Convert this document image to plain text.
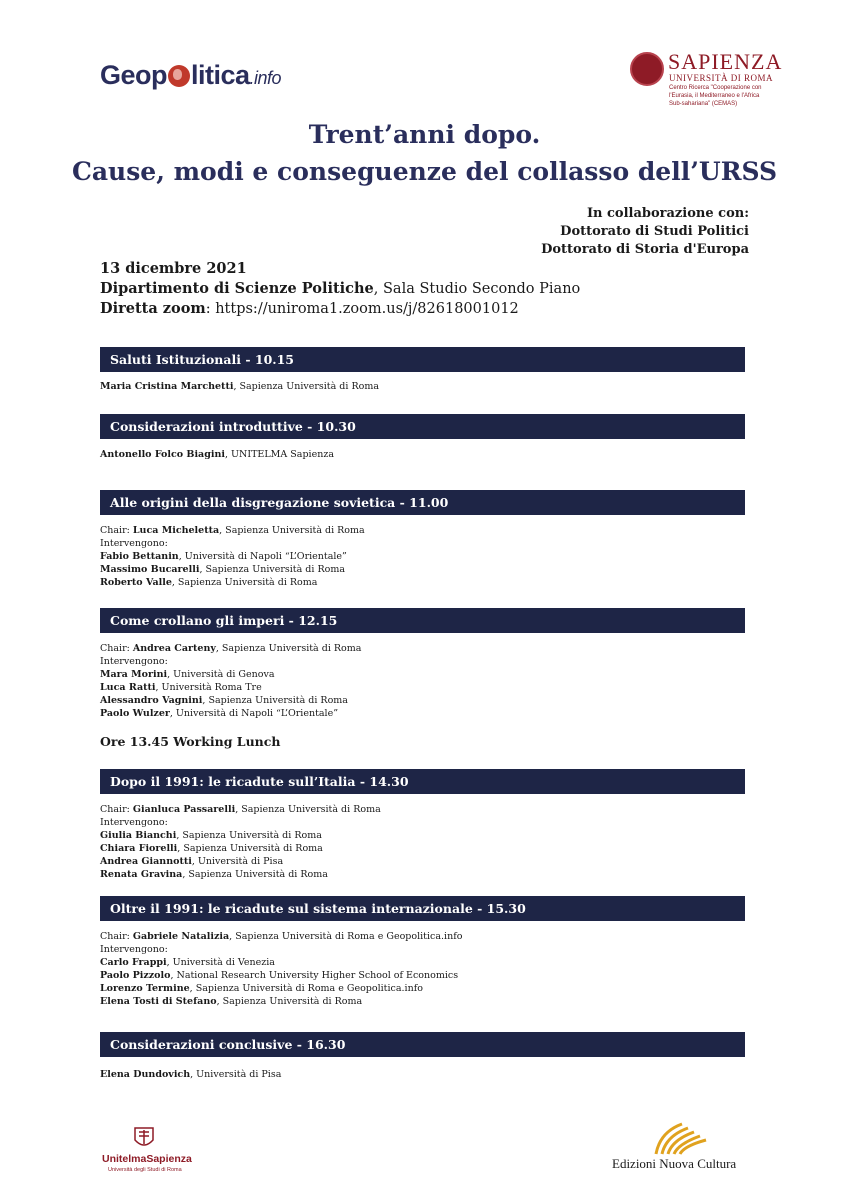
Geop litica.info
SAPIENZA
UNIVERSITÀ DI ROMA
Centro Ricerca "Cooperazione con l'Eurasia, il Mediterraneo e l'Africa Sub-sahariana" (CEMAS)
Trent’anni dopo.
Cause, modi e conseguenze del collasso dell’URSS
In collaborazione con:
Dottorato di Studi Politici
Dottorato di Storia d'Europa
13 dicembre 2021
Dipartimento di Scienze Politiche, Sala Studio Secondo Piano
Diretta zoom: https://uniroma1.zoom.us/j/82618001012
Saluti Istituzionali - 10.15
Maria Cristina Marchetti, Sapienza Università di Roma
Considerazioni introduttive - 10.30
Antonello Folco Biagini, UNITELMA Sapienza
Alle origini della disgregazione sovietica - 11.00
Chair: Luca Micheletta, Sapienza Università di Roma
Intervengono:
Fabio Bettanin, Università di Napoli “L’Orientale”
Massimo Bucarelli, Sapienza Università di Roma
Roberto Valle, Sapienza Università di Roma
Come crollano gli imperi - 12.15
Chair: Andrea Carteny, Sapienza Università di Roma
Intervengono:
Mara Morini, Università di Genova
Luca Ratti, Università Roma Tre
Alessandro Vagnini, Sapienza Università di Roma
Paolo Wulzer, Università di Napoli “L’Orientale”
Ore 13.45 Working Lunch
Dopo il 1991: le ricadute sull’Italia - 14.30
Chair: Gianluca Passarelli, Sapienza Università di Roma
Intervengono:
Giulia Bianchi, Sapienza Università di Roma
Chiara Fiorelli, Sapienza Università di Roma
Andrea Giannotti, Università di Pisa
Renata Gravina, Sapienza Università di Roma
Oltre il 1991: le ricadute sul sistema internazionale - 15.30
Chair: Gabriele Natalizia, Sapienza Università di Roma e Geopolitica.info
Intervengono:
Carlo Frappi, Università di Venezia
Paolo Pizzolo, National Research University Higher School of Economics
Lorenzo Termine, Sapienza Università di Roma e Geopolitica.info
Elena Tosti di Stefano, Sapienza Università di Roma
Considerazioni conclusive - 16.30
Elena Dundovich, Università di Pisa
UnitelmaSapienza
Università degli Studi di Roma	Edizioni Nuova Cultura
